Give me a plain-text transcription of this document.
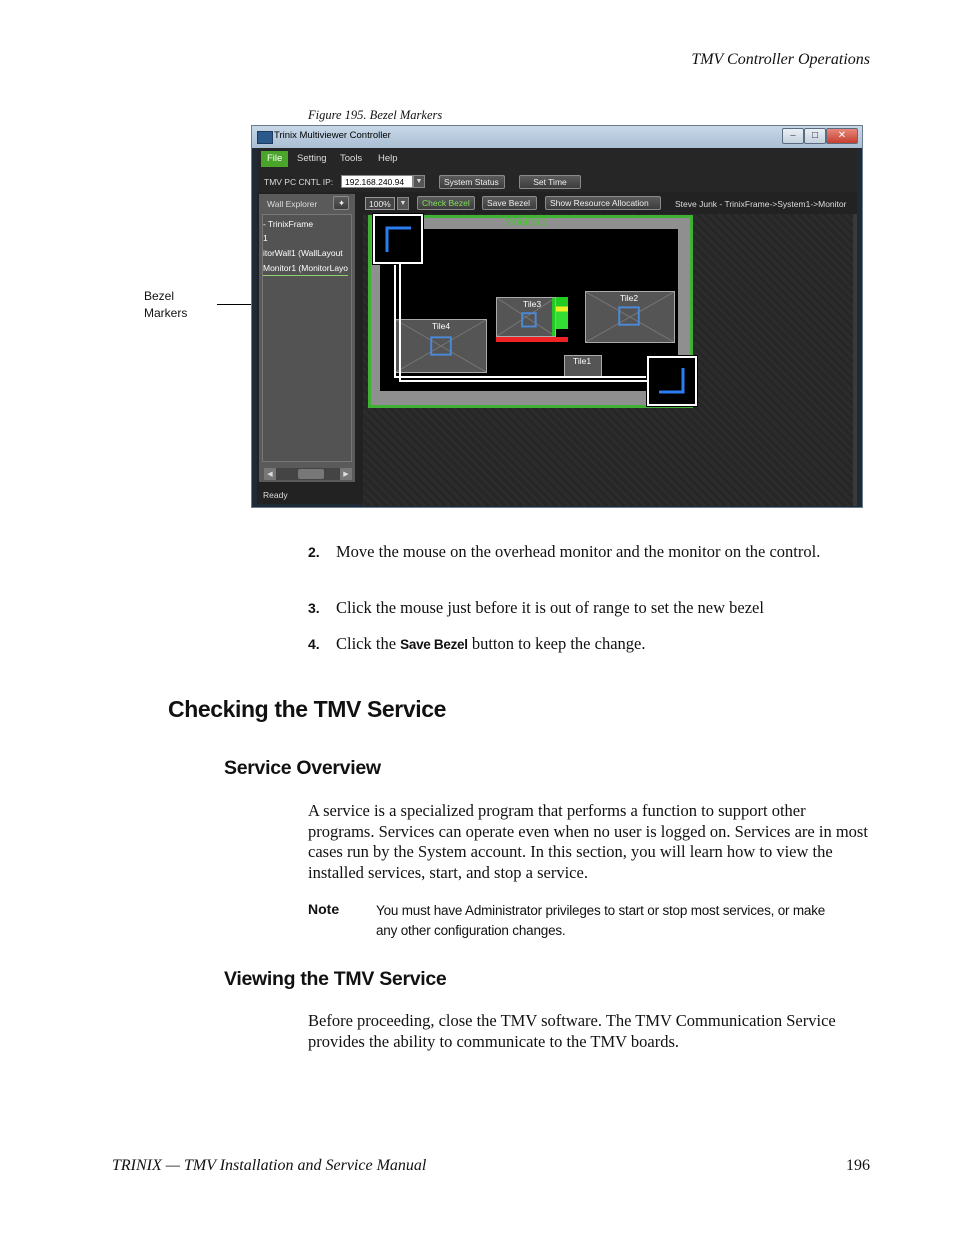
TMV Controller Operations
Figure 195. Bezel Markers
Bezel
Markers
Trinix Multiviewer Controller	–	□	✕
File	Setting	Tools	Help
TMV PC CNTL IP:	192.168.240.94	▼	System Status	Set Time
Wall Explorer	✦
- TrinixFrame
1
itorWall1 (WallLayout
Monitor1 (MonitorLayo
◀	▶
Ready
100%	▼	Check Bezel	Save Bezel	Show Resource Allocation	Steve Junk - TrinixFrame->System1->Monitor
Monitor1
Tile4
Tile3
Tile2
Tile1
2. Move the mouse on the overhead monitor and the monitor on the control.
3. Click the mouse just before it is out of range to set the new bezel
4. Click the Save Bezel button to keep the change.
Checking the TMV Service
Service Overview
A service is a specialized program that performs a function to support other programs. Services can operate even when no user is logged on. Services are in most cases run by the System account. In this section, you will learn how to view the installed services, start, and stop a service.
Note	You must have Administrator privileges to start or stop most services, or make any other configuration changes.
Viewing the TMV Service
Before proceeding, close the TMV software. The TMV Communication Service provides the ability to communicate to the TMV boards.
TRINIX — TMV Installation and Service Manual	196
